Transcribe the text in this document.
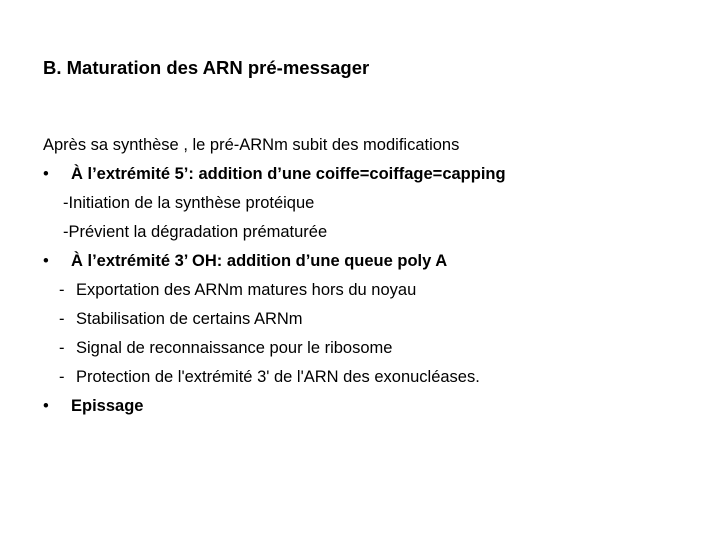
B. Maturation des ARN pré-messager
Après sa synthèse , le pré-ARNm subit des modifications
• À l’extrémité 5’: addition d’une coiffe=coiffage=capping
-Initiation de la synthèse protéique
-Prévient la dégradation prématurée
• À l’extrémité 3’ OH: addition d’une queue poly A
- Exportation des ARNm matures hors du noyau
- Stabilisation de certains ARNm
- Signal de reconnaissance pour le ribosome
- Protection de l'extrémité 3' de l'ARN des exonucléases.
• Epissage
